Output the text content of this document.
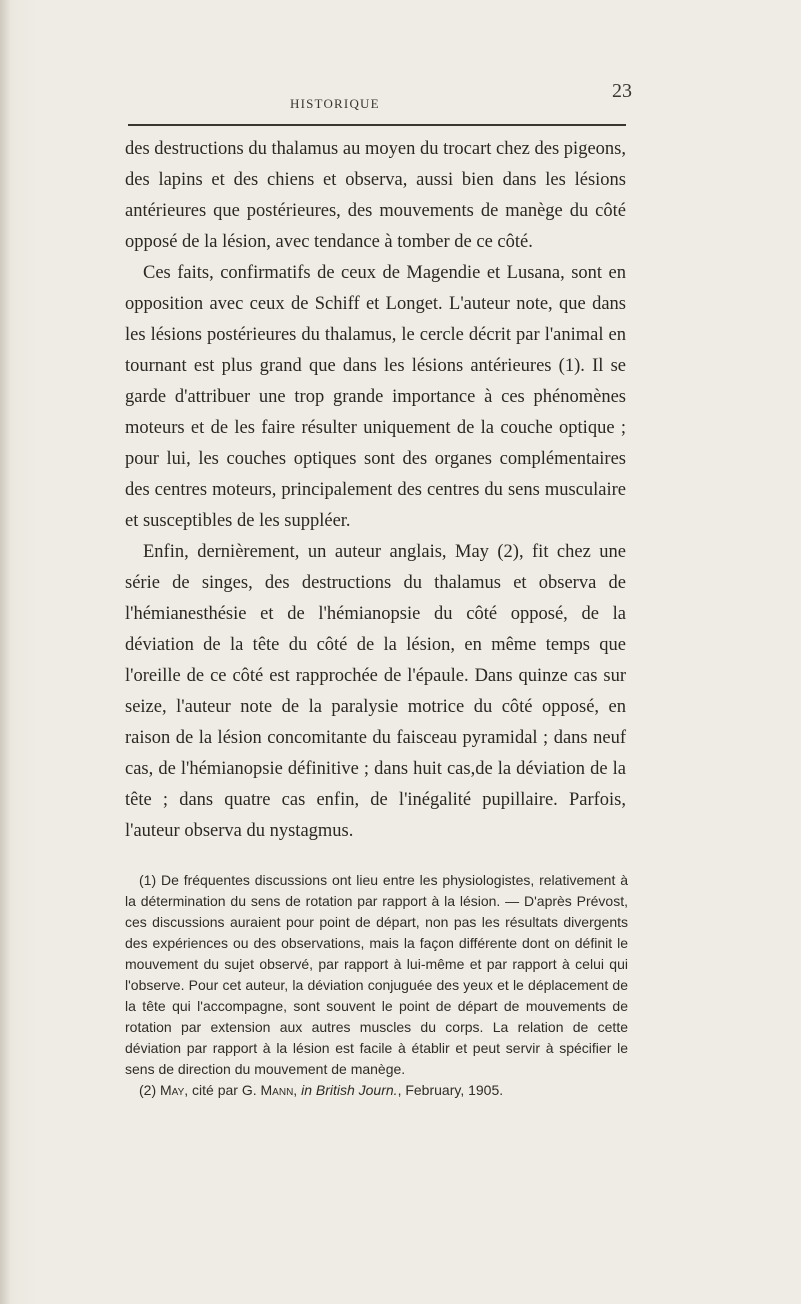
HISTORIQUE
23

des destructions du thalamus au moyen du trocart chez des pigeons, des lapins et des chiens et observa, aussi bien dans les lésions antérieures que postérieures, des mouvements de manège du côté opposé de la lésion, avec tendance à tomber de ce côté.

Ces faits, confirmatifs de ceux de Magendie et Lusana, sont en opposition avec ceux de Schiff et Longet. L'auteur note, que dans les lésions postérieures du thalamus, le cercle décrit par l'animal en tournant est plus grand que dans les lésions antérieures (1). Il se garde d'attribuer une trop grande importance à ces phénomènes moteurs et de les faire résulter uniquement de la couche optique ; pour lui, les couches optiques sont des organes complémentaires des centres moteurs, principalement des centres du sens musculaire et susceptibles de les suppléer.

Enfin, dernièrement, un auteur anglais, May (2), fit chez une série de singes, des destructions du thalamus et observa de l'hémianesthésie et de l'hémianopsie du côté opposé, de la déviation de la tête du côté de la lésion, en même temps que l'oreille de ce côté est rapprochée de l'épaule. Dans quinze cas sur seize, l'auteur note de la paralysie motrice du côté opposé, en raison de la lésion concomitante du faisceau pyramidal ; dans neuf cas, de l'hémianopsie définitive ; dans huit cas,de la déviation de la tête ; dans quatre cas enfin, de l'inégalité pupillaire. Parfois, l'auteur observa du nystagmus.

(1) De fréquentes discussions ont lieu entre les physiologistes, relativement à la détermination du sens de rotation par rapport à la lésion. — D'après Prévost, ces discussions auraient pour point de départ, non pas les résultats divergents des expériences ou des observations, mais la façon différente dont on définit le mouvement du sujet observé, par rapport à lui-même et par rapport à celui qui l'observe. Pour cet auteur, la déviation conjuguée des yeux et le déplacement de la tête qui l'accompagne, sont souvent le point de départ de mouvements de rotation par extension aux autres muscles du corps. La relation de cette déviation par rapport à la lésion est facile à établir et peut servir à spécifier le sens de direction du mouvement de manège.

(2) May, cité par G. Mann, in British Journ., February, 1905.
